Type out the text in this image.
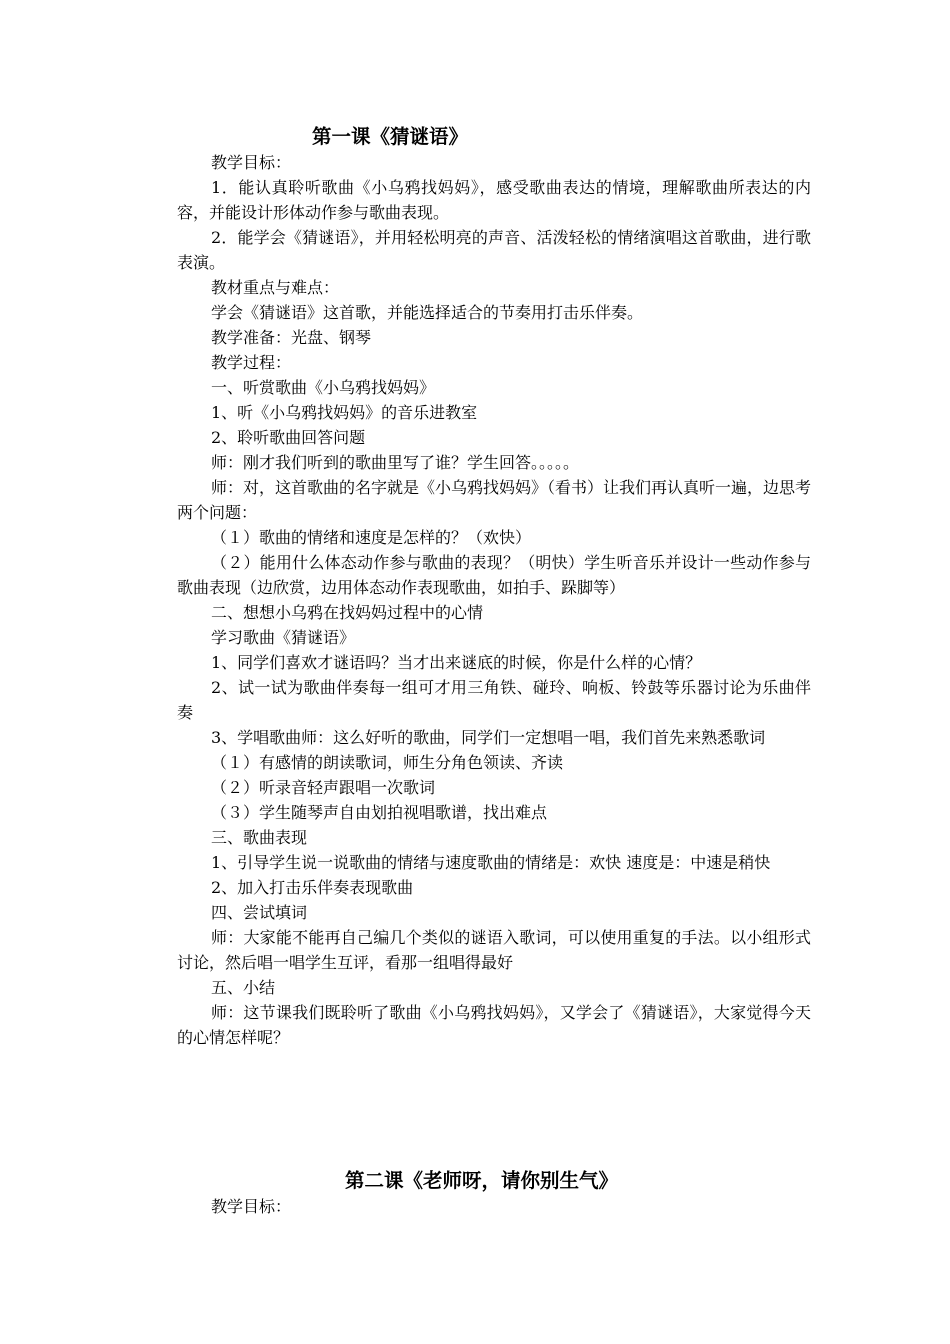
第一课《猜谜语》

教学目标：

1．能认真聆听歌曲《小乌鸦找妈妈》，感受歌曲表达的情境，理解歌曲所表达的内容，并能设计形体动作参与歌曲表现。

2．能学会《猜谜语》，并用轻松明亮的声音、活泼轻松的情绪演唱这首歌曲，进行歌表演。

教材重点与难点：

学会《猜谜语》这首歌，并能选择适合的节奏用打击乐伴奏。

教学准备：光盘、钢琴

教学过程：

一、听赏歌曲《小乌鸦找妈妈》

1、听《小乌鸦找妈妈》的音乐进教室

2、聆听歌曲回答问题

师：刚才我们听到的歌曲里写了谁？学生回答。。。。。

师：对，这首歌曲的名字就是《小乌鸦找妈妈》（看书）让我们再认真听一遍，边思考两个问题：

（１）歌曲的情绪和速度是怎样的？（欢快）

（２）能用什么体态动作参与歌曲的表现？（明快）学生听音乐并设计一些动作参与歌曲表现（边欣赏，边用体态动作表现歌曲，如拍手、跺脚等）

二、想想小乌鸦在找妈妈过程中的心情

学习歌曲《猜谜语》

1、同学们喜欢才谜语吗？当才出来谜底的时候，你是什么样的心情？

2、试一试为歌曲伴奏每一组可才用三角铁、碰玲、响板、铃鼓等乐器讨论为乐曲伴奏

3、学唱歌曲师：这么好听的歌曲，同学们一定想唱一唱，我们首先来熟悉歌词

（１）有感情的朗读歌词，师生分角色领读、齐读

（２）听录音轻声跟唱一次歌词

（３）学生随琴声自由划拍视唱歌谱，找出难点

三、歌曲表现

1、引导学生说一说歌曲的情绪与速度歌曲的情绪是：欢快 速度是：中速是稍快

2、加入打击乐伴奏表现歌曲

四、尝试填词

师：大家能不能再自己编几个类似的谜语入歌词，可以使用重复的手法。以小组形式讨论，然后唱一唱学生互评，看那一组唱得最好

五、小结

师：这节课我们既聆听了歌曲《小乌鸦找妈妈》，又学会了《猜谜语》，大家觉得今天的心情怎样呢？

第二课《老师呀，请你别生气》

教学目标：
